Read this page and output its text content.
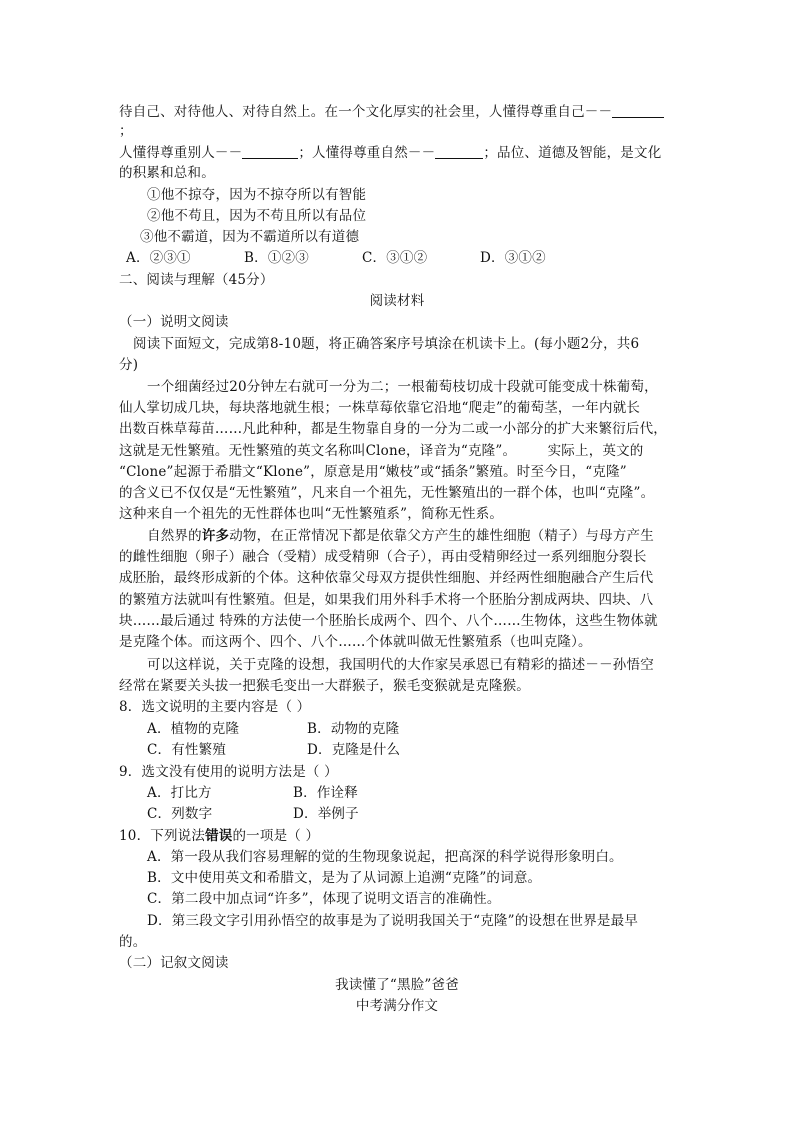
待自己、对待他人、对待自然上。在一个文化厚实的社会里，人懂得尊重自己－－
；
人懂得尊重别人－－	；人懂得尊重自然－－	；品位、道德及智能，是文化
的积累和总和。
①他不掠夺，因为不掠夺所以有智能
②他不苟且，因为不苟且所以有品位
③他不霸道，因为不霸道所以有道德
A．②③①	B．①②③	C．③①②	D．③①②
二、阅读与理解（45分）
阅读材料
（一）说明文阅读
阅读下面短文，完成第8-10题，将正确答案序号填涂在机读卡上。(每小题2分，共6
分)
一个细菌经过20分钟左右就可一分为二；一根葡萄枝切成十段就可能变成十株葡萄，
仙人掌切成几块，每块落地就生根；一株草莓依靠它沿地“爬走”的葡萄茎，一年内就长
出数百株草莓苗……凡此种种，都是生物靠自身的一分为二或一小部分的扩大来繁衍后代，
这就是无性繁殖。无性繁殖的英文名称叫Clone，译音为“克隆”。       实际上，英文的
“Clone”起源于希腊文“Klone”，原意是用“嫩枝”或“插条”繁殖。时至今日，“克隆”
的含义已不仅仅是“无性繁殖”，凡来自一个祖先，无性繁殖出的一群个体，也叫“克隆”。
这种来自一个祖先的无性群体也叫“无性繁殖系”，简称无性系。
自然界的许多动物，在正常情况下都是依靠父方产生的雄性细胞（精子）与母方产生
的雌性细胞（卵子）融合（受精）成受精卵（合子），再由受精卵经过一系列细胞分裂长
成胚胎，最终形成新的个体。这种依靠父母双方提供性细胞、并经两性细胞融合产生后代
的繁殖方法就叫有性繁殖。但是，如果我们用外科手术将一个胚胎分割成两块、四块、八
块……最后通过 特殊的方法使一个胚胎长成两个、四个、八个……生物体，这些生物体就
是克隆个体。而这两个、四个、八个……个体就叫做无性繁殖系（也叫克隆）。
可以这样说，关于克隆的设想，我国明代的大作家吴承恩已有精彩的描述－－孙悟空
经常在紧要关头拔一把猴毛变出一大群猴子，猴毛变猴就是克隆猴。
8．选文说明的主要内容是（ ）
A．植物的克隆	B．动物的克隆
C．有性繁殖	D．克隆是什么
9．选文没有使用的说明方法是（ ）
A．打比方	B．作诠释
C．列数字	D．举例子
10．下列说法错误的一项是（ ）
A．第一段从我们容易理解的觉的生物现象说起，把高深的科学说得形象明白。
B．文中使用英文和希腊文，是为了从词源上追溯“克隆”的词意。
C．第二段中加点词“许多”，体现了说明文语言的准确性。
D．第三段文字引用孙悟空的故事是为了说明我国关于“克隆”的设想在世界是最早
的。
（二）记叙文阅读
我读懂了“黑脸”爸爸
中考满分作文
